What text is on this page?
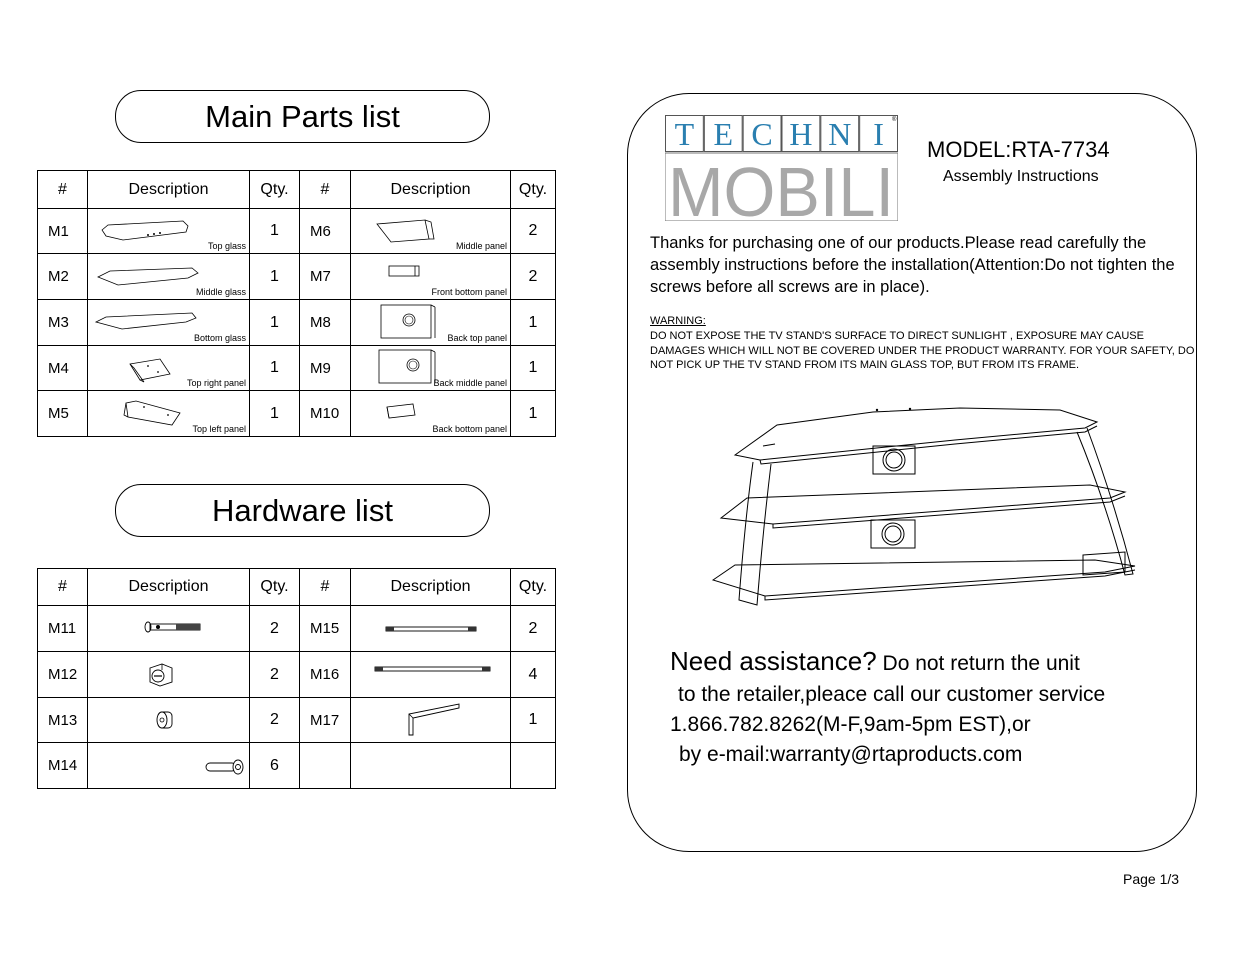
Main Parts list
#	Description	Qty.	#	Description	Qty.
M1	Top glass	1	M6	Middle panel	2
M2	Middle glass	1	M7	Front bottom panel	2
M3	Bottom glass	1	M8	Back top panel	1
M4	Top right panel	1	M9	Back middle panel	1
M5	Top left panel	1	M10	Back bottom panel	1
Hardware list
#	Description	Qty.	#	Description	Qty.
M11		2	M15		2
M12		2	M16		4
M13		2	M17		1
M14		6			
T E C H N I
MOBILI
®
MODEL:RTA-7734
Assembly Instructions
Thanks for purchasing one of our products.Please read carefully the assembly instructions before the installation(Attention:Do not tighten the screws before all screws are in place).
WARNING:
DO NOT EXPOSE THE TV STAND'S SURFACE TO DIRECT SUNLIGHT , EXPOSURE MAY CAUSE DAMAGES WHICH WILL NOT BE COVERED UNDER THE PRODUCT WARRANTY. FOR YOUR SAFETY, DO NOT PICK UP THE TV STAND FROM ITS MAIN GLASS TOP, BUT FROM ITS FRAME.
Need assistance? Do not return the unit
to the retailer,pleace call our customer service
1.866.782.8262(M-F,9am-5pm EST),or
by e-mail:warranty@rtaproducts.com
Page 1/3
